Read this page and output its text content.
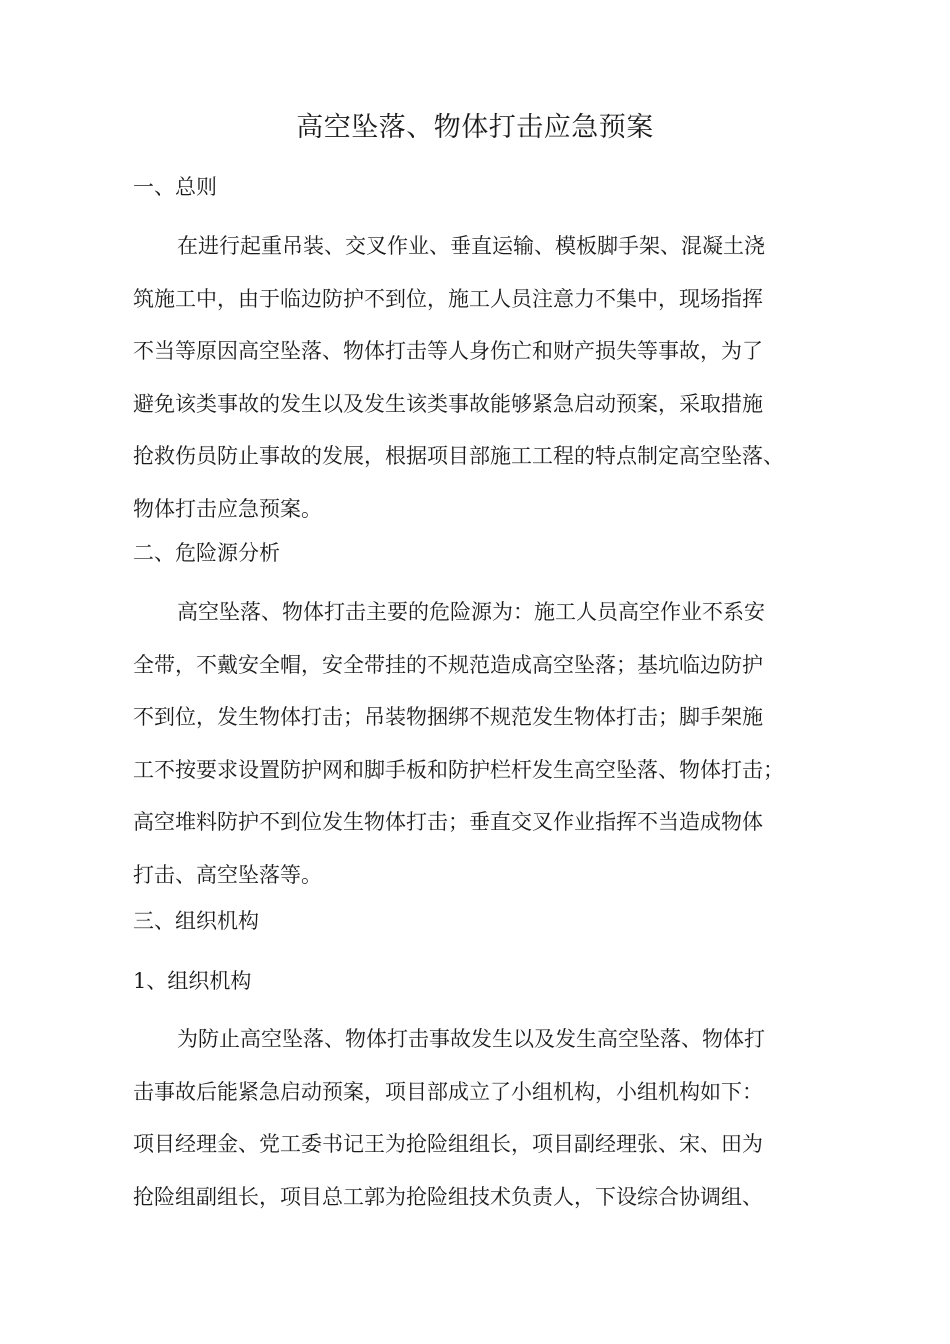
高空坠落、物体打击应急预案
一、总则
在进行起重吊装、交叉作业、垂直运输、模板脚手架、混凝土浇
筑施工中，由于临边防护不到位，施工人员注意力不集中，现场指挥
不当等原因高空坠落、物体打击等人身伤亡和财产损失等事故，为了
避免该类事故的发生以及发生该类事故能够紧急启动预案，采取措施
抢救伤员防止事故的发展，根据项目部施工工程的特点制定高空坠落、
物体打击应急预案。
二、危险源分析
高空坠落、物体打击主要的危险源为：施工人员高空作业不系安
全带，不戴安全帽，安全带挂的不规范造成高空坠落；基坑临边防护
不到位，发生物体打击；吊装物捆绑不规范发生物体打击；脚手架施
工不按要求设置防护网和脚手板和防护栏杆发生高空坠落、物体打击；
高空堆料防护不到位发生物体打击；垂直交叉作业指挥不当造成物体
打击、高空坠落等。
三、组织机构
1、组织机构
为防止高空坠落、物体打击事故发生以及发生高空坠落、物体打
击事故后能紧急启动预案，项目部成立了小组机构，小组机构如下：
项目经理金、党工委书记王为抢险组组长，项目副经理张、宋、田为
抢险组副组长，项目总工郭为抢险组技术负责人，下设综合协调组、
